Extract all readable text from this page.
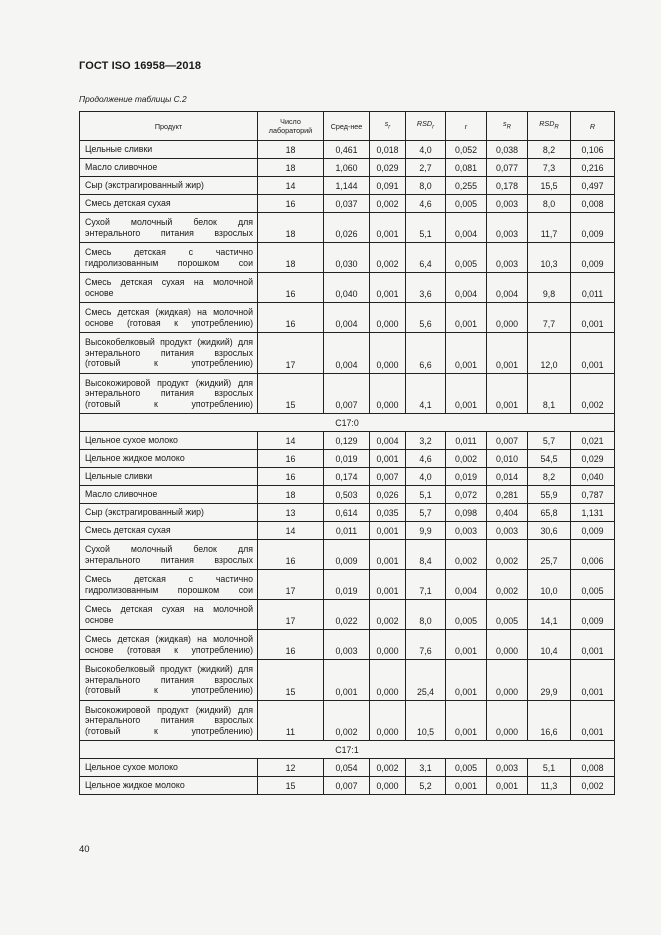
ГОСТ ISO 16958—2018
Продолжение таблицы С.2
Продукт	Число лабораторий	Сред-нее	$s_r$	$RSD_r$	r	$s_R$	$RSD_R$	R
Цельные сливки	18	0,461	0,018	4,0	0,052	0,038	8,2	0,106
Масло сливочное	18	1,060	0,029	2,7	0,081	0,077	7,3	0,216
Сыр (экстрагированный жир)	14	1,144	0,091	8,0	0,255	0,178	15,5	0,497
Смесь детская сухая	16	0,037	0,002	4,6	0,005	0,003	8,0	0,008
Сухой молочный белок для энтерального питания взрослых	18	0,026	0,001	5,1	0,004	0,003	11,7	0,009
Смесь детская с частично гидролизованным порошком сои	18	0,030	0,002	6,4	0,005	0,003	10,3	0,009
Смесь детская сухая на молочной основе	16	0,040	0,001	3,6	0,004	0,004	9,8	0,011
Смесь детская (жидкая) на молочной основе (готовая к употреблению)	16	0,004	0,000	5,6	0,001	0,000	7,7	0,001
Высокобелковый продукт (жидкий) для энтерального питания взрослых (готовый к употреблению)	17	0,004	0,000	6,6	0,001	0,001	12,0	0,001
Высокожировой продукт (жидкий) для энтерального питания взрослых (готовый к употреблению)	15	0,007	0,000	4,1	0,001	0,001	8,1	0,002
C17:0								
Цельное сухое молоко	14	0,129	0,004	3,2	0,011	0,007	5,7	0,021
Цельное жидкое молоко	16	0,019	0,001	4,6	0,002	0,010	54,5	0,029
Цельные сливки	16	0,174	0,007	4,0	0,019	0,014	8,2	0,040
Масло сливочное	18	0,503	0,026	5,1	0,072	0,281	55,9	0,787
Сыр (экстрагированный жир)	13	0,614	0,035	5,7	0,098	0,404	65,8	1,131
Смесь детская сухая	14	0,011	0,001	9,9	0,003	0,003	30,6	0,009
Сухой молочный белок для энтерального питания взрослых	16	0,009	0,001	8,4	0,002	0,002	25,7	0,006
Смесь детская с частично гидролизованным порошком сои	17	0,019	0,001	7,1	0,004	0,002	10,0	0,005
Смесь детская сухая на молочной основе	17	0,022	0,002	8,0	0,005	0,005	14,1	0,009
Смесь детская (жидкая) на молочной основе (готовая к употреблению)	16	0,003	0,000	7,6	0,001	0,000	10,4	0,001
Высокобелковый продукт (жидкий) для энтерального питания взрослых (готовый к употреблению)	15	0,001	0,000	25,4	0,001	0,000	29,9	0,001
Высокожировой продукт (жидкий) для энтерального питания взрослых (готовый к употреблению)	11	0,002	0,000	10,5	0,001	0,000	16,6	0,001
C17:1								
Цельное сухое молоко	12	0,054	0,002	3,1	0,005	0,003	5,1	0,008
Цельное жидкое молоко	15	0,007	0,000	5,2	0,001	0,001	11,3	0,002
40
